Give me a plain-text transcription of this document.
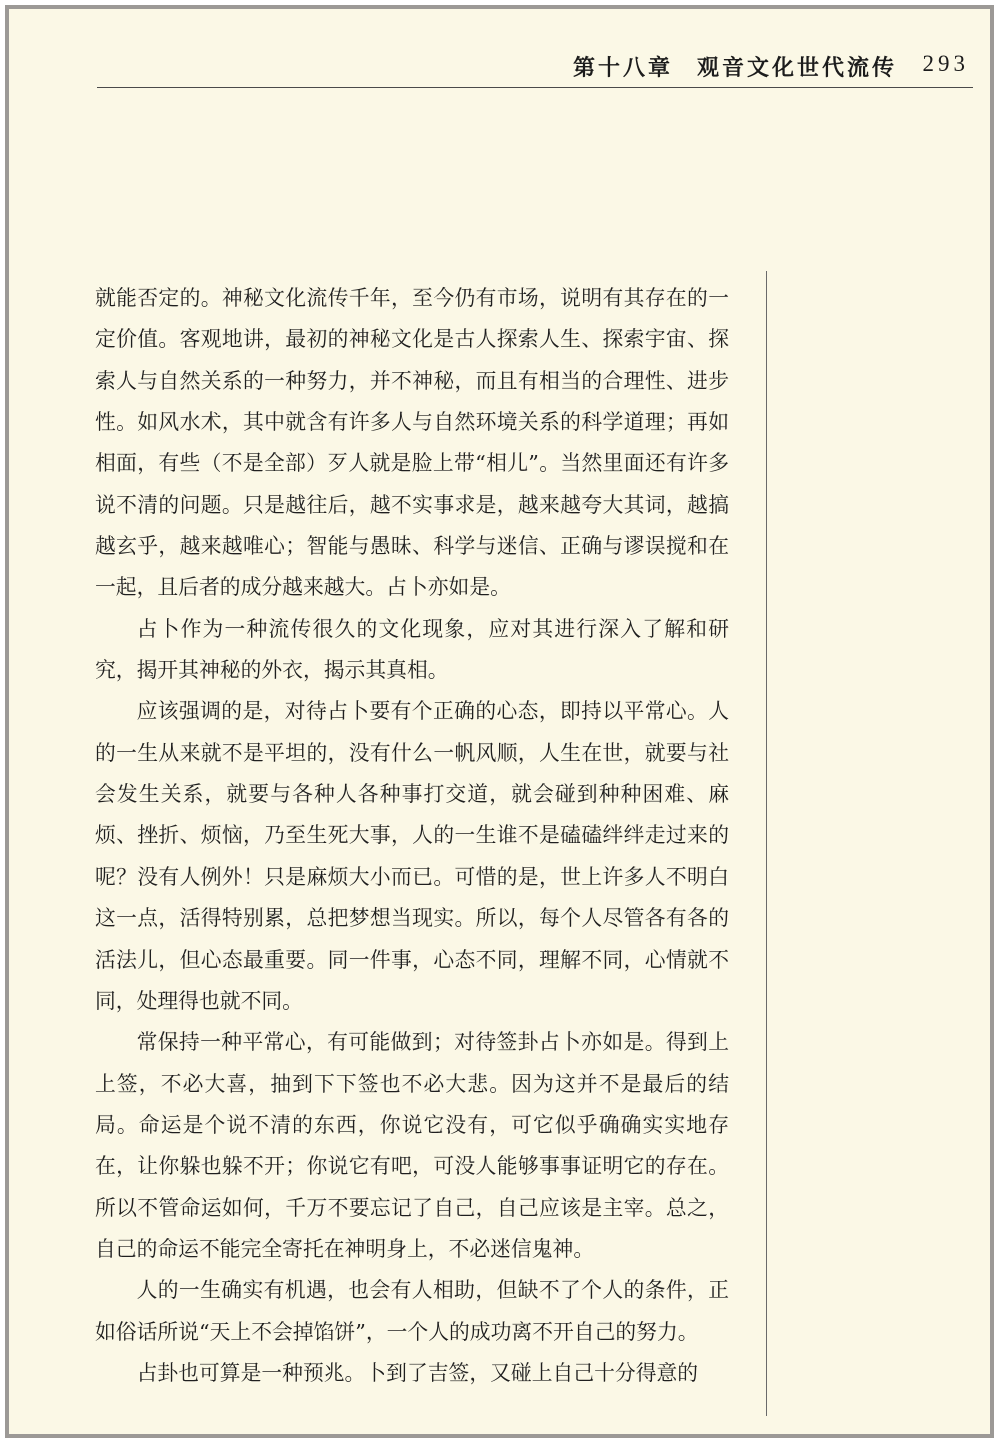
第十八章 观音文化世代流传 293

就能否定的。神秘文化流传千年，至今仍有市场，说明有其存在的一定价值。客观地讲，最初的神秘文化是古人探索人生、探索宇宙、探索人与自然关系的一种努力，并不神秘，而且有相当的合理性、进步性。如风水术，其中就含有许多人与自然环境关系的科学道理；再如相面，有些（不是全部）歹人就是脸上带“相儿”。当然里面还有许多说不清的问题。只是越往后，越不实事求是，越来越夸大其词，越搞越玄乎，越来越唯心；智能与愚昧、科学与迷信、正确与谬误搅和在一起，且后者的成分越来越大。占卜亦如是。

占卜作为一种流传很久的文化现象，应对其进行深入了解和研究，揭开其神秘的外衣，揭示其真相。

应该强调的是，对待占卜要有个正确的心态，即持以平常心。人的一生从来就不是平坦的，没有什么一帆风顺，人生在世，就要与社会发生关系，就要与各种人各种事打交道，就会碰到种种困难、麻烦、挫折、烦恼，乃至生死大事，人的一生谁不是磕磕绊绊走过来的呢？没有人例外！只是麻烦大小而已。可惜的是，世上许多人不明白这一点，活得特别累，总把梦想当现实。所以，每个人尽管各有各的活法儿，但心态最重要。同一件事，心态不同，理解不同，心情就不同，处理得也就不同。

常保持一种平常心，有可能做到；对待签卦占卜亦如是。得到上上签，不必大喜，抽到下下签也不必大悲。因为这并不是最后的结局。命运是个说不清的东西，你说它没有，可它似乎确确实实地存在，让你躲也躲不开；你说它有吧，可没人能够事事证明它的存在。所以不管命运如何，千万不要忘记了自己，自己应该是主宰。总之，自己的命运不能完全寄托在神明身上，不必迷信鬼神。

人的一生确实有机遇，也会有人相助，但缺不了个人的条件，正如俗话所说“天上不会掉馅饼”，一个人的成功离不开自己的努力。

占卦也可算是一种预兆。卜到了吉签，又碰上自己十分得意的
